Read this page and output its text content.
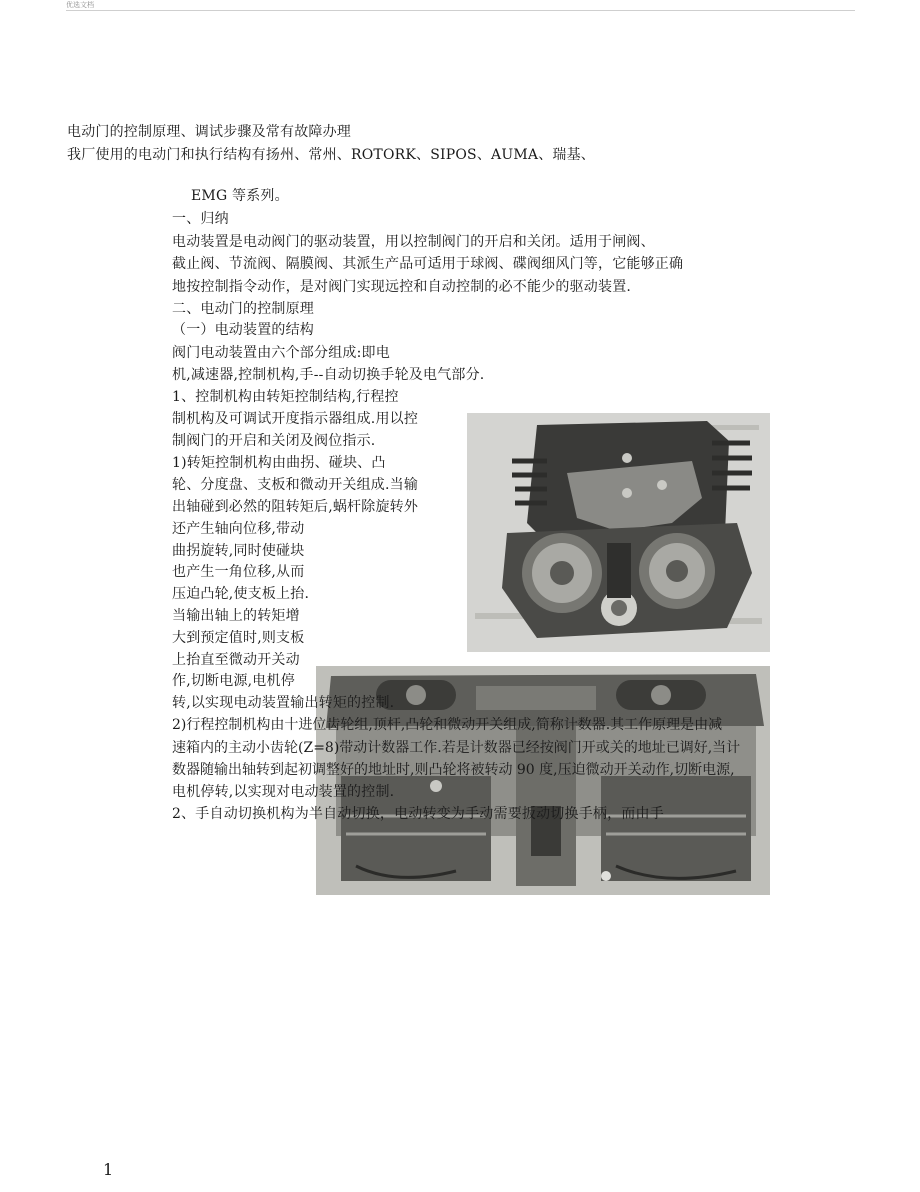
优选文档
电动门的控制原理、调试步骤及常有故障办理
我厂使用的电动门和执行结构有扬州、常州、ROTORK、SIPOS、AUMA、瑞基、
EMG 等系列。
一、归纳
电动装置是电动阀门的驱动装置，用以控制阀门的开启和关闭。适用于闸阀、
截止阀、节流阀、隔膜阀、其派生产品可适用于球阀、碟阀细风门等，它能够正确
地按控制指令动作，是对阀门实现远控和自动控制的必不能少的驱动装置.
二、电动门的控制原理
（一）电动装置的结构
阀门电动装置由六个部分组成:即电
机,减速器,控制机构,手--自动切换手轮及电气部分.
1、控制机构由转矩控制结构,行程控
制机构及可调试开度指示器组成.用以控
制阀门的开启和关闭及阀位指示.
1)转矩控制机构由曲拐、碰块、凸
轮、分度盘、支板和微动开关组成.当输
出轴碰到必然的阻转矩后,蜗杆除旋转外
还产生轴向位移,带动
曲拐旋转,同时使碰块
也产生一角位移,从而
压迫凸轮,使支板上抬.
当输出轴上的转矩增
大到预定值时,则支板
上抬直至微动开关动
作,切断电源,电机停
转,以实现电动装置输出转矩的控制.
2)行程控制机构由十进位齿轮组,顶杆,凸轮和微动开关组成,简称计数器.其工作原理是由减
速箱内的主动小齿轮(Z=8)带动计数器工作.若是计数器已经按阀门开或关的地址已调好,当计
数器随输出轴转到起初调整好的地址时,则凸轮将被转动 90 度,压迫微动开关动作,切断电源,
电机停转,以实现对电动装置的控制.
2、手自动切换机构为半自动切换，电动转变为手动需要扳动切换手柄，而由手
1
